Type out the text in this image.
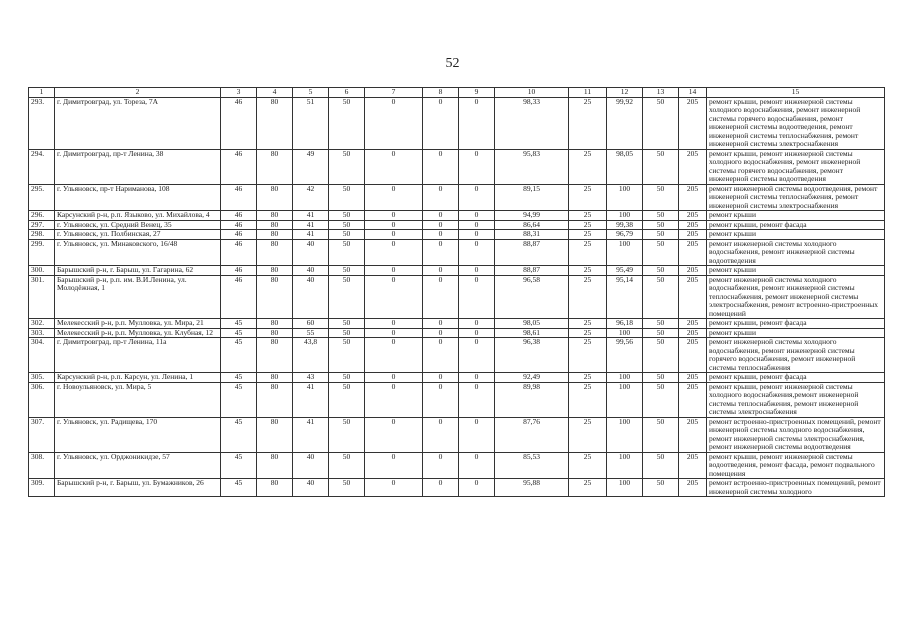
52
1	2	3	4	5	6	7	8	9	10	11	12	13	14	15
293.	г. Димитровград, ул. Тореза, 7А	46	80	51	50	0	0	0	98,33	25	99,92	50	205	ремонт крыши, ремонт инженерной системы холодного водоснабжения, ремонт инженерной системы горячего водоснабжения, ремонт инженерной системы водоотведения, ремонт инженерной системы теплоснабжения, ремонт инженерной системы электроснабжения
294.	г. Димитровград, пр-т Ленина, 38	46	80	49	50	0	0	0	95,83	25	98,05	50	205	ремонт крыши, ремонт инженерной системы холодного водоснабжения, ремонт инженерной системы горячего водоснабжения, ремонт инженерной системы водоотведения
295.	г. Ульяновск, пр-т Нариманова, 108	46	80	42	50	0	0	0	89,15	25	100	50	205	ремонт инженерной системы водоотведения, ремонт инженерной системы теплоснабжения, ремонт инженерной системы электроснабжения
296.	Карсунский р-н, р.п. Языково, ул. Михайлова, 4	46	80	41	50	0	0	0	94,99	25	100	50	205	ремонт крыши
297.	г. Ульяновск, ул. Средний Венец, 35	46	80	41	50	0	0	0	86,64	25	99,38	50	205	ремонт крыши, ремонт фасада
298.	г. Ульяновск, ул. Полбинская, 27	46	80	41	50	0	0	0	88,31	25	96,79	50	205	ремонт крыши
299.	г. Ульяновск, ул. Минаковского, 16/48	46	80	40	50	0	0	0	88,87	25	100	50	205	ремонт инженерной системы холодного водоснабжения, ремонт инженерной системы водоотведения
300.	Барышский р-н, г. Барыш, ул. Гагарина, 62	46	80	40	50	0	0	0	88,87	25	95,49	50	205	ремонт крыши
301.	Барышский р-н, р.п. им. В.И.Ленина, ул. Молодёжная, 1	46	80	40	50	0	0	0	96,58	25	95,14	50	205	ремонт инженерной системы холодного водоснабжения, ремонт инженерной системы теплоснабжения, ремонт инженерной системы электроснабжения, ремонт встроенно-пристроенных помещений
302.	Мелекесский р-н, р.п. Мулловка, ул. Мира, 21	45	80	60	50	0	0	0	98,05	25	96,18	50	205	ремонт крыши, ремонт фасада
303.	Мелекесский р-н, р.п. Мулловка, ул. Клубная, 12	45	80	55	50	0	0	0	98,61	25	100	50	205	ремонт крыши
304.	г. Димитровград, пр-т Ленина, 11а	45	80	43,8	50	0	0	0	96,38	25	99,56	50	205	ремонт инженерной системы холодного водоснабжения, ремонт инженерной системы горячего водоснабжения, ремонт инженерной системы теплоснабжения
305.	Карсунский р-н, р.п. Карсун, ул. Ленина, 1	45	80	43	50	0	0	0	92,49	25	100	50	205	ремонт крыши, ремонт фасада
306.	г. Новоульяновск, ул. Мира, 5	45	80	41	50	0	0	0	89,98	25	100	50	205	ремонт крыши, ремонт инженерной системы холодного водоснабжения,ремонт инженерной системы теплоснабжения, ремонт инженерной системы электроснабжения
307.	г. Ульяновск, ул. Радищева, 170	45	80	41	50	0	0	0	87,76	25	100	50	205	ремонт встроенно-пристроенных помещений, ремонт инженерной системы холодного водоснабжения, ремонт инженерной системы электроснабжения, ремонт инженерной системы водоотведения
308.	г. Ульяновск, ул. Орджоникидзе, 57	45	80	40	50	0	0	0	85,53	25	100	50	205	ремонт крыши, ремонт инженерной системы водоотведения, ремонт фасада, ремонт подвального помещения
309.	Барышский р-н, г. Барыш, ул. Бумажников, 26	45	80	40	50	0	0	0	95,88	25	100	50	205	ремонт встроенно-пристроенных помещений, ремонт инженерной системы холодного
